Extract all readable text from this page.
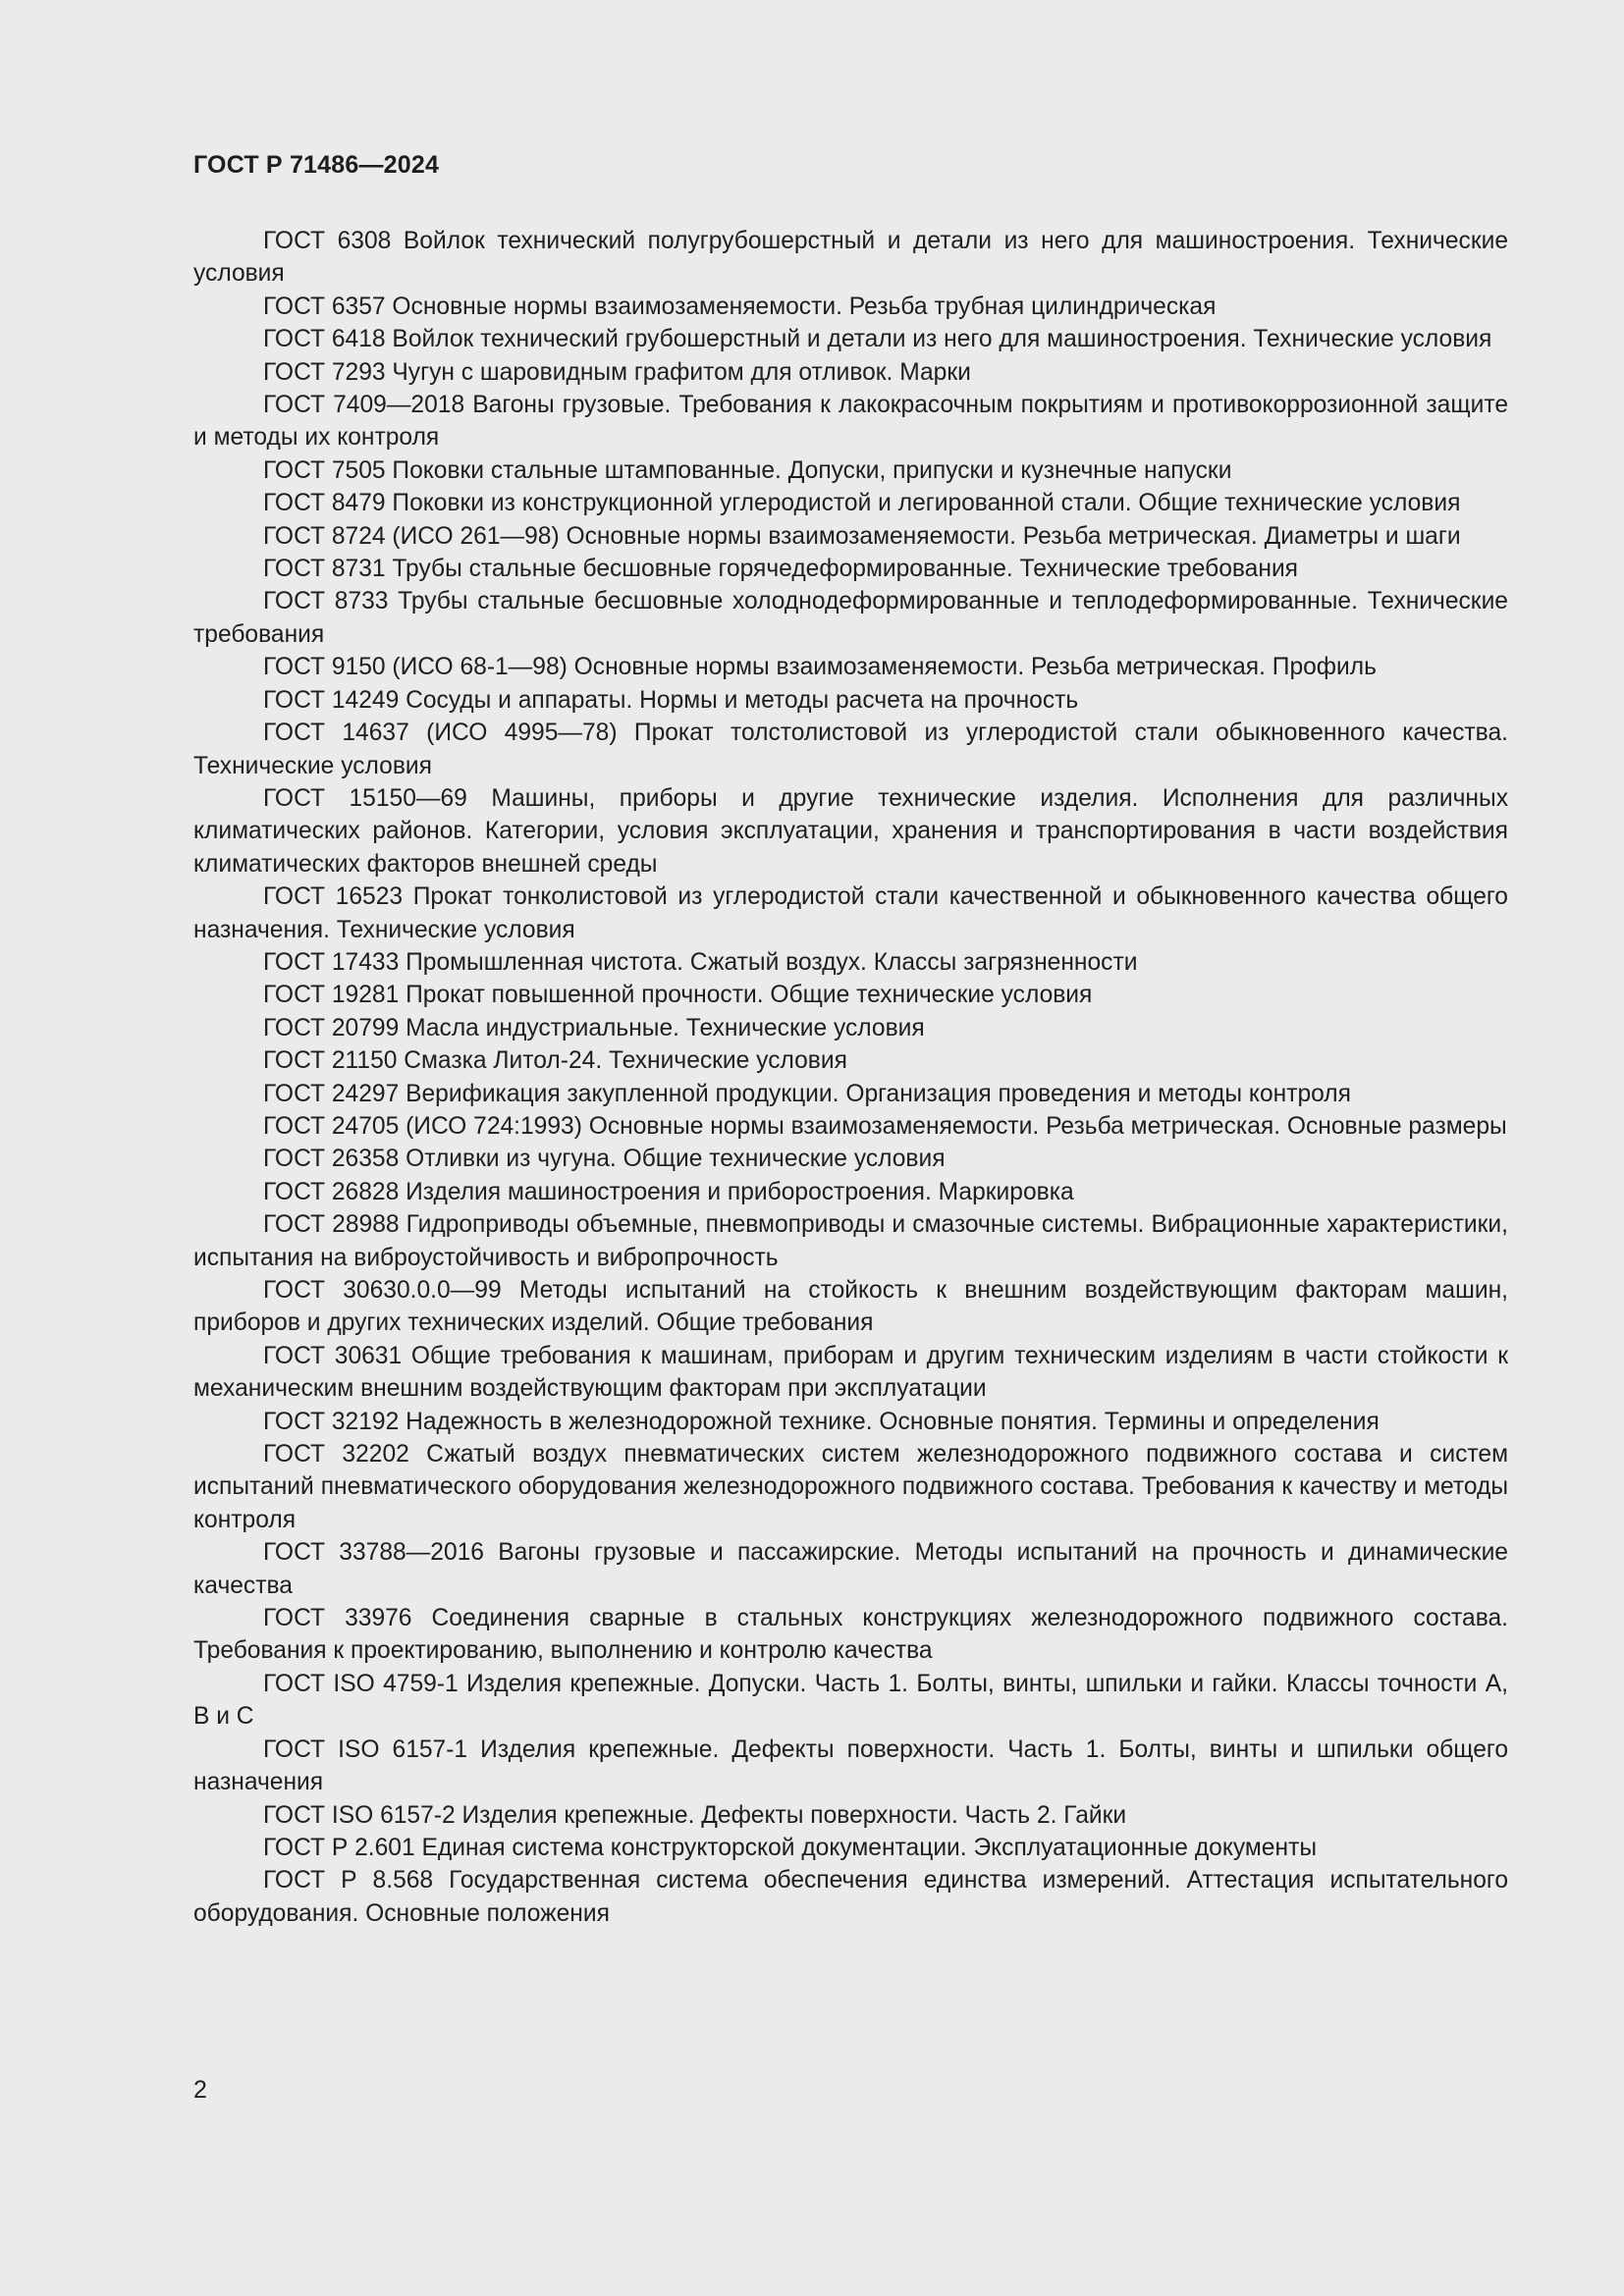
ГОСТ Р 71486—2024

ГОСТ 6308 Войлок технический полугрубошерстный и детали из него для машиностроения. Технические условия

ГОСТ 6357 Основные нормы взаимозаменяемости. Резьба трубная цилиндрическая

ГОСТ 6418 Войлок технический грубошерстный и детали из него для машиностроения. Технические условия

ГОСТ 7293 Чугун с шаровидным графитом для отливок. Марки

ГОСТ 7409—2018 Вагоны грузовые. Требования к лакокрасочным покрытиям и противокоррозионной защите и методы их контроля

ГОСТ 7505 Поковки стальные штампованные. Допуски, припуски и кузнечные напуски

ГОСТ 8479 Поковки из конструкционной углеродистой и легированной стали. Общие технические условия

ГОСТ 8724 (ИСО 261—98) Основные нормы взаимозаменяемости. Резьба метрическая. Диаметры и шаги

ГОСТ 8731 Трубы стальные бесшовные горячедеформированные. Технические требования

ГОСТ 8733 Трубы стальные бесшовные холоднодеформированные и теплодеформированные. Технические требования

ГОСТ 9150 (ИСО 68-1—98) Основные нормы взаимозаменяемости. Резьба метрическая. Профиль

ГОСТ 14249 Сосуды и аппараты. Нормы и методы расчета на прочность

ГОСТ 14637 (ИСО 4995—78) Прокат толстолистовой из углеродистой стали обыкновенного качества. Технические условия

ГОСТ 15150—69 Машины, приборы и другие технические изделия. Исполнения для различных климатических районов. Категории, условия эксплуатации, хранения и транспортирования в части воздействия климатических факторов внешней среды

ГОСТ 16523 Прокат тонколистовой из углеродистой стали качественной и обыкновенного качества общего назначения. Технические условия

ГОСТ 17433 Промышленная чистота. Сжатый воздух. Классы загрязненности

ГОСТ 19281 Прокат повышенной прочности. Общие технические условия

ГОСТ 20799 Масла индустриальные. Технические условия

ГОСТ 21150 Смазка Литол-24. Технические условия

ГОСТ 24297 Верификация закупленной продукции. Организация проведения и методы контроля

ГОСТ 24705 (ИСО 724:1993) Основные нормы взаимозаменяемости. Резьба метрическая. Основные размеры

ГОСТ 26358 Отливки из чугуна. Общие технические условия

ГОСТ 26828 Изделия машиностроения и приборостроения. Маркировка

ГОСТ 28988 Гидроприводы объемные, пневмоприводы и смазочные системы. Вибрационные характеристики, испытания на виброустойчивость и вибропрочность

ГОСТ 30630.0.0—99 Методы испытаний на стойкость к внешним воздействующим факторам машин, приборов и других технических изделий. Общие требования

ГОСТ 30631 Общие требования к машинам, приборам и другим техническим изделиям в части стойкости к механическим внешним воздействующим факторам при эксплуатации

ГОСТ 32192 Надежность в железнодорожной технике. Основные понятия. Термины и определения

ГОСТ 32202 Сжатый воздух пневматических систем железнодорожного подвижного состава и систем испытаний пневматического оборудования железнодорожного подвижного состава. Требования к качеству и методы контроля

ГОСТ 33788—2016 Вагоны грузовые и пассажирские. Методы испытаний на прочность и динамические качества

ГОСТ 33976 Соединения сварные в стальных конструкциях железнодорожного подвижного состава. Требования к проектированию, выполнению и контролю качества

ГОСТ ISO 4759-1 Изделия крепежные. Допуски. Часть 1. Болты, винты, шпильки и гайки. Классы точности А, В и С

ГОСТ ISO 6157-1 Изделия крепежные. Дефекты поверхности. Часть 1. Болты, винты и шпильки общего назначения

ГОСТ ISO 6157-2 Изделия крепежные. Дефекты поверхности. Часть 2. Гайки

ГОСТ Р 2.601 Единая система конструкторской документации. Эксплуатационные документы

ГОСТ Р 8.568 Государственная система обеспечения единства измерений. Аттестация испытательного оборудования. Основные положения

2
